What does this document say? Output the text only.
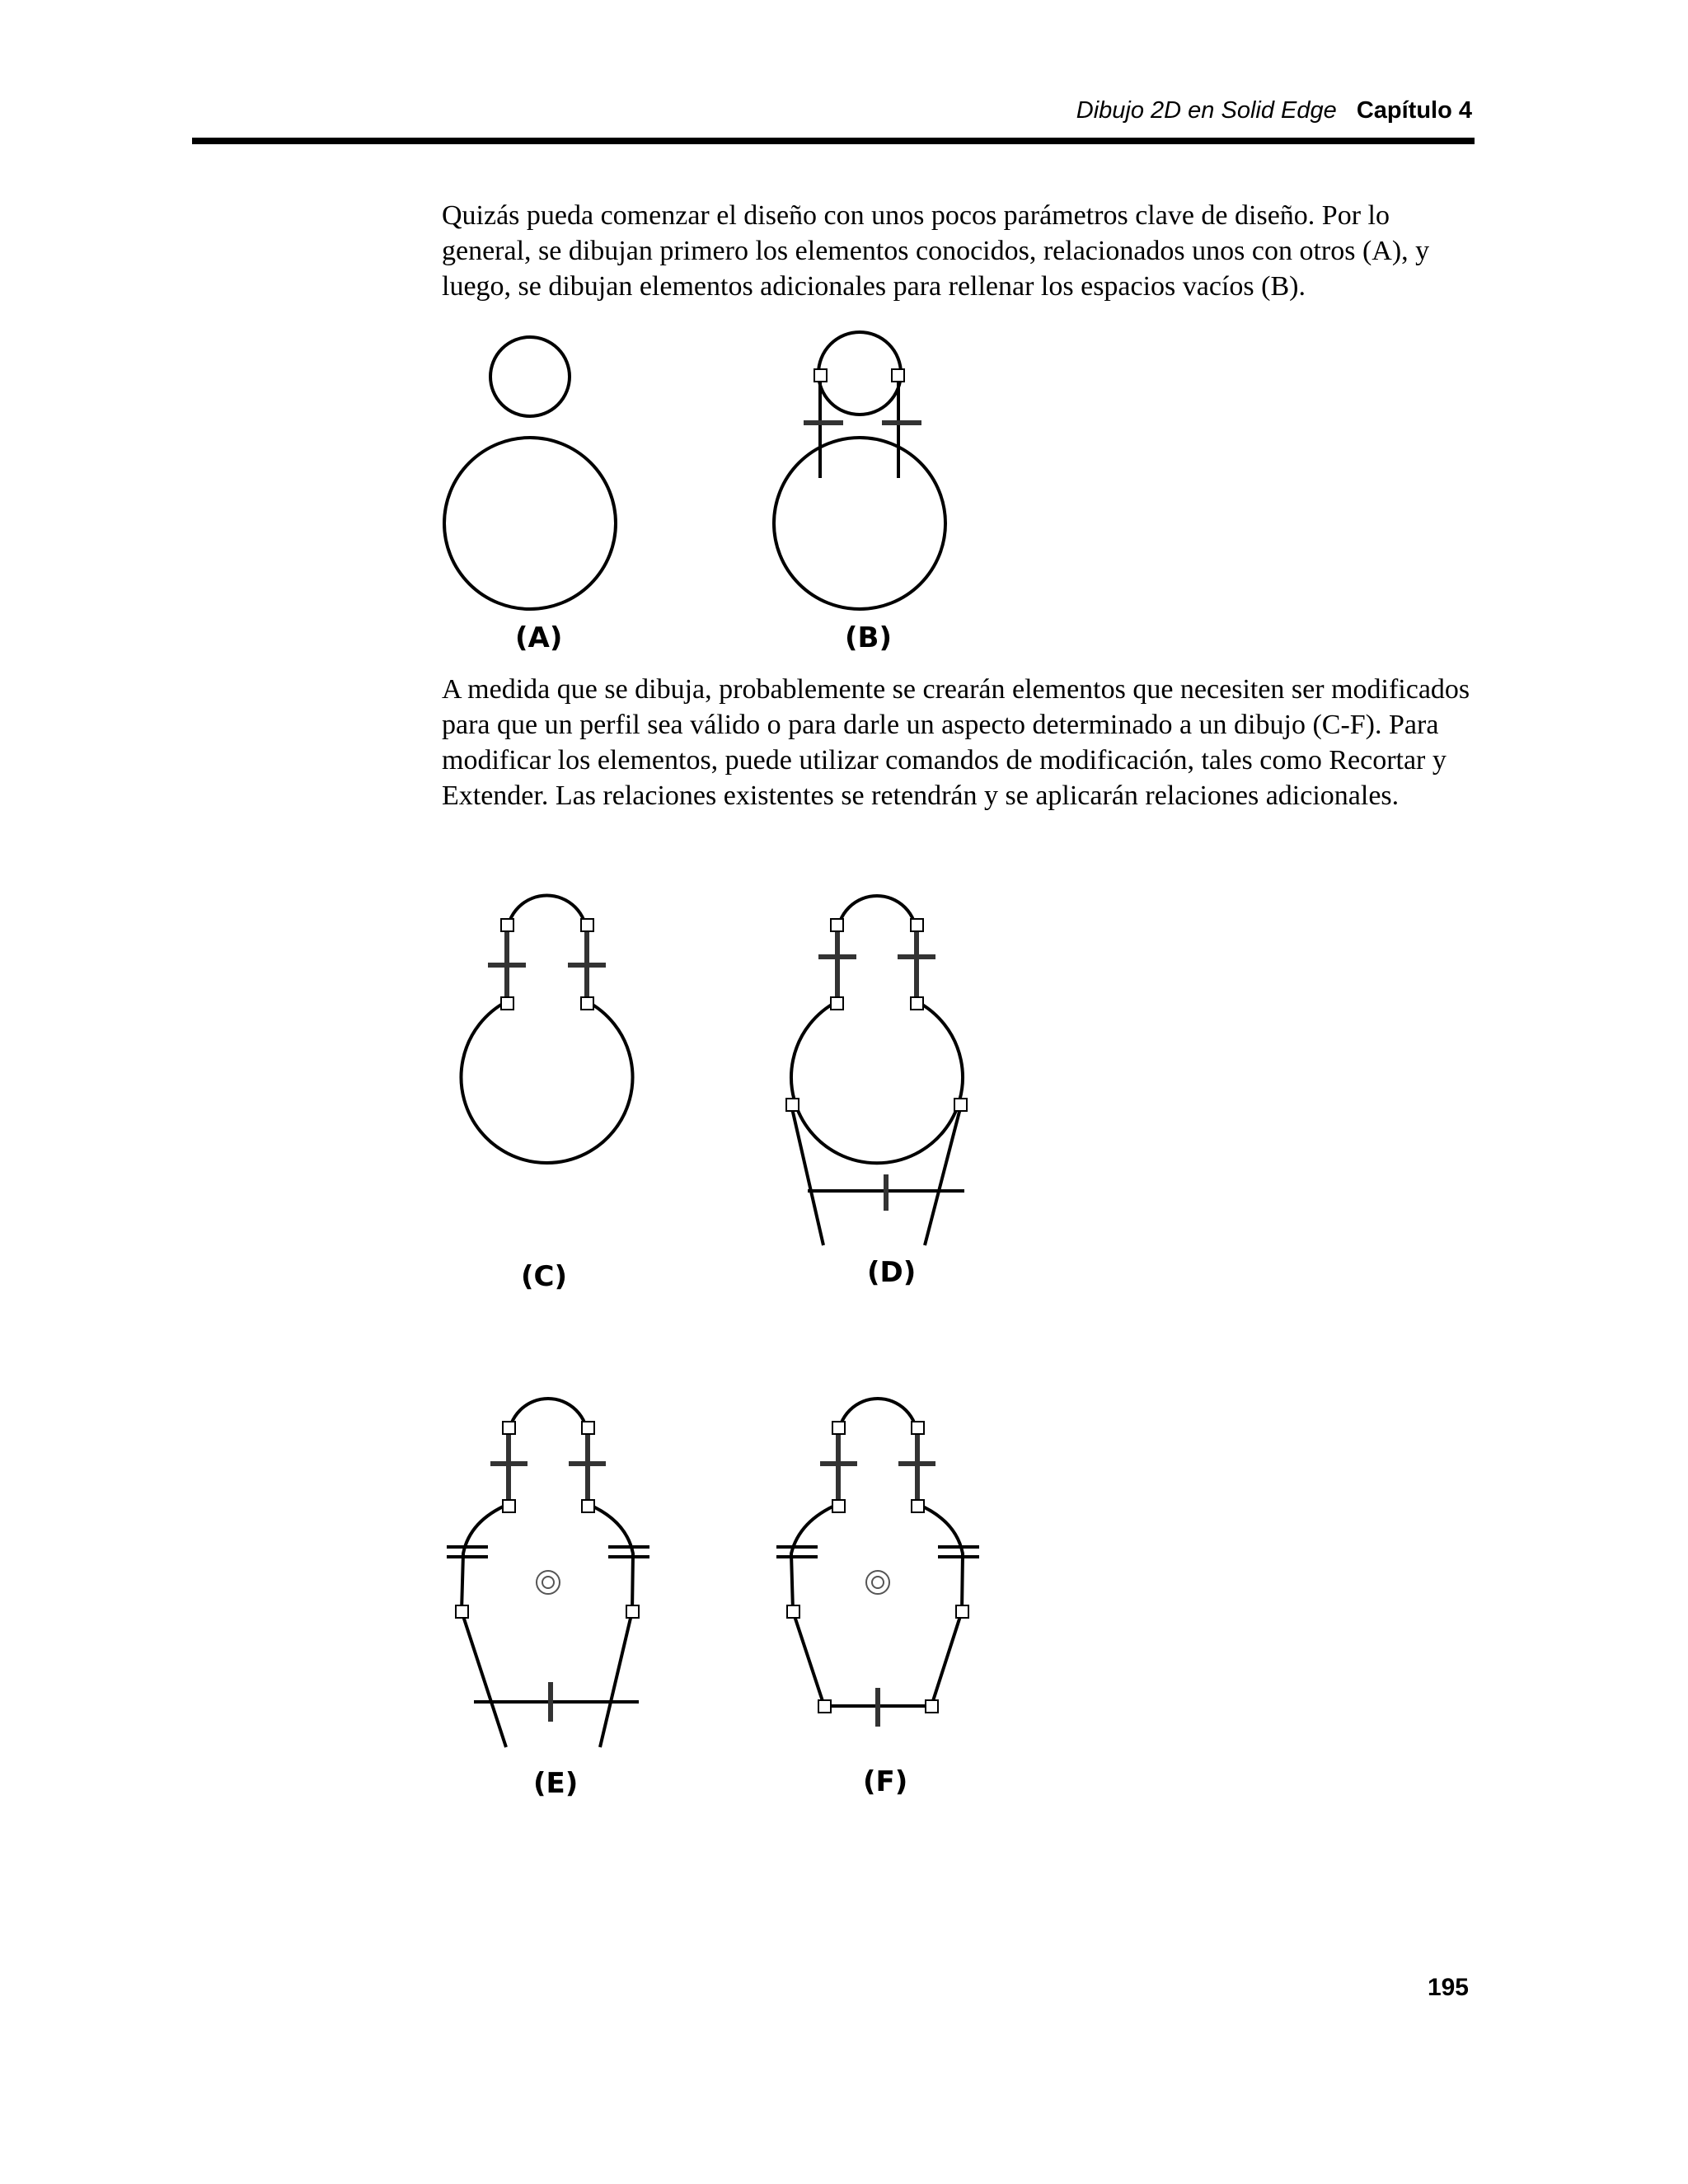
Dibujo 2D en Solid Edge Capítulo 4

Quizás pueda comenzar el diseño con unos pocos parámetros clave de diseño. Por lo general, se dibujan primero los elementos conocidos, relacionados unos con otros (A), y luego, se dibujan elementos adicionales para rellenar los espacios vacíos (B).

(A)	(B)

A medida que se dibuja, probablemente se crearán elementos que necesiten ser modificados para que un perfil sea válido o para darle un aspecto determinado a un dibujo (C-F). Para modificar los elementos, puede utilizar comandos de modificación, tales como Recortar y Extender. Las relaciones existentes se retendrán y se aplicarán relaciones adicionales.

(C)	(D)
(E)	(F)
195
